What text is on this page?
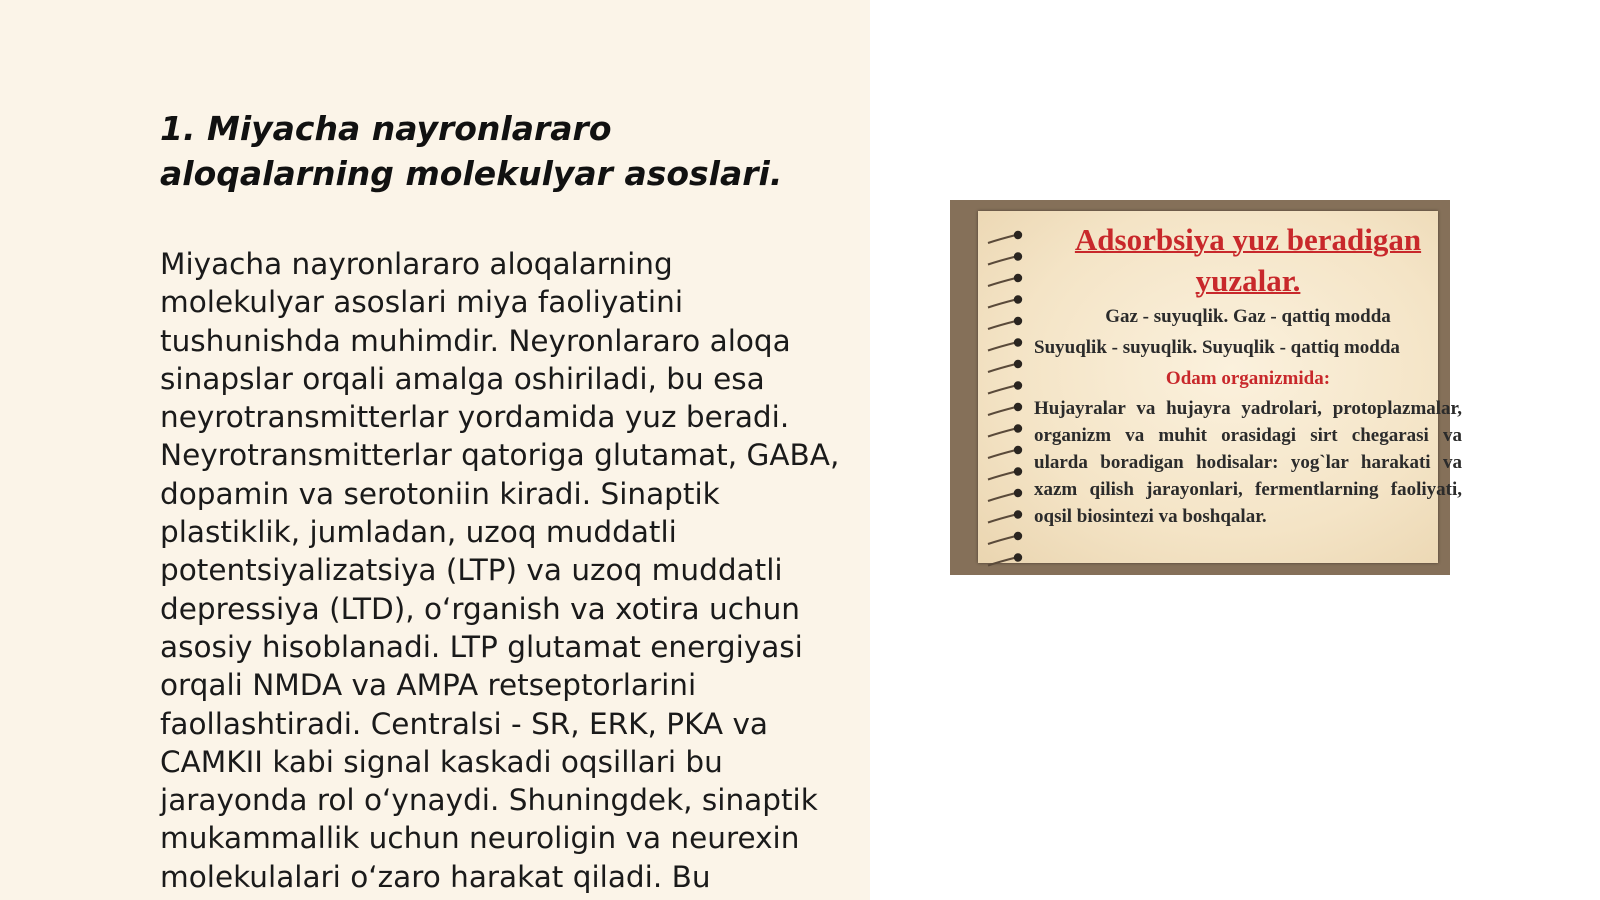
1. Miyacha nayronlararo aloqalarning molekulyar asoslari.

Miyacha nayronlararo aloqalarning molekulyar asoslari miya faoliyatini tushunishda muhimdir. Neyronlararo aloqa sinapslar orqali amalga oshiriladi, bu esa neyrotransmitterlar yordamida yuz beradi. Neyrotransmitterlar qatoriga glutamat, GABA, dopamin va serotoniin kiradi. Sinaptik plastiklik, jumladan, uzoq muddatli potentsiyalizatsiya (LTP) va uzoq muddatli depressiya (LTD), o‘rganish va xotira uchun asosiy hisoblanadi. LTP glutamat energiyasi orqali NMDA va AMPA retseptorlarini faollashtiradi. Centralsi - SR, ERK, PKA va CAMKII kabi signal kaskadi oqsillari bu jarayonda rol o‘ynaydi. Shuningdek, sinaptik mukammallik uchun neuroligin va neurexin molekulalari o‘zaro harakat qiladi. Bu

Adsorbsiya yuz beradigan yuzalar.

Gaz - suyuqlik. Gaz - qattiq modda

Suyuqlik - suyuqlik. Suyuqlik - qattiq modda

Odam organizmida:

Hujayralar va hujayra yadrolari, protoplazmalar, organizm va muhit orasidagi sirt chegarasi va ularda boradigan hodisalar: yog`lar harakati va xazm qilish jarayonlari, fermentlarning faoliyati, oqsil biosintezi va boshqalar.
